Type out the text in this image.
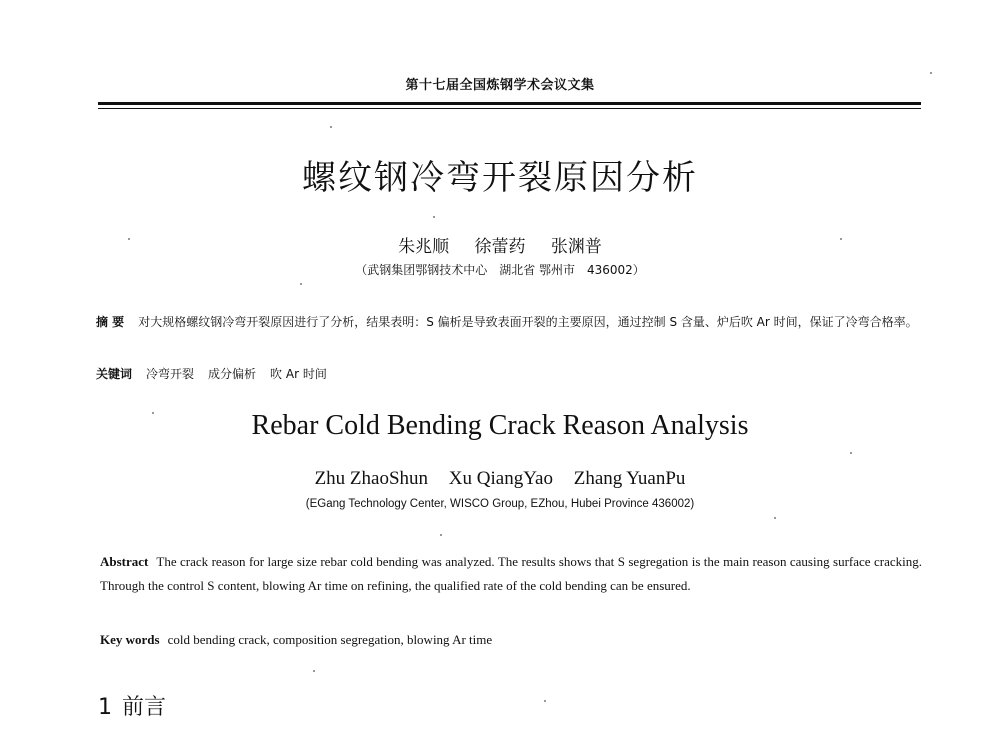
第十七届全国炼钢学术会议文集
螺纹钢冷弯开裂原因分析
朱兆顺 徐蕾药 张渊普
（武钢集团鄂钢技术中心　湖北省 鄂州市　436002）
摘 要 对大规格螺纹钢冷弯开裂原因进行了分析，结果表明：S 偏析是导致表面开裂的主要原因，通过控制 S 含量、炉后吹 Ar 时间，保证了冷弯合格率。
关键词 冷弯开裂 成分偏析 吹 Ar 时间
Rebar Cold Bending Crack Reason Analysis
Zhu ZhaoShun Xu QiangYao Zhang YuanPu
(EGang Technology Center, WISCO Group, EZhou, Hubei Province 436002)
Abstract The crack reason for large size rebar cold bending was analyzed. The results shows that S segregation is the main reason causing surface cracking. Through the control S content, blowing Ar time on refining, the qualified rate of the cold bending can be ensured.
Key words cold bending crack, composition segregation, blowing Ar time
1 前言
